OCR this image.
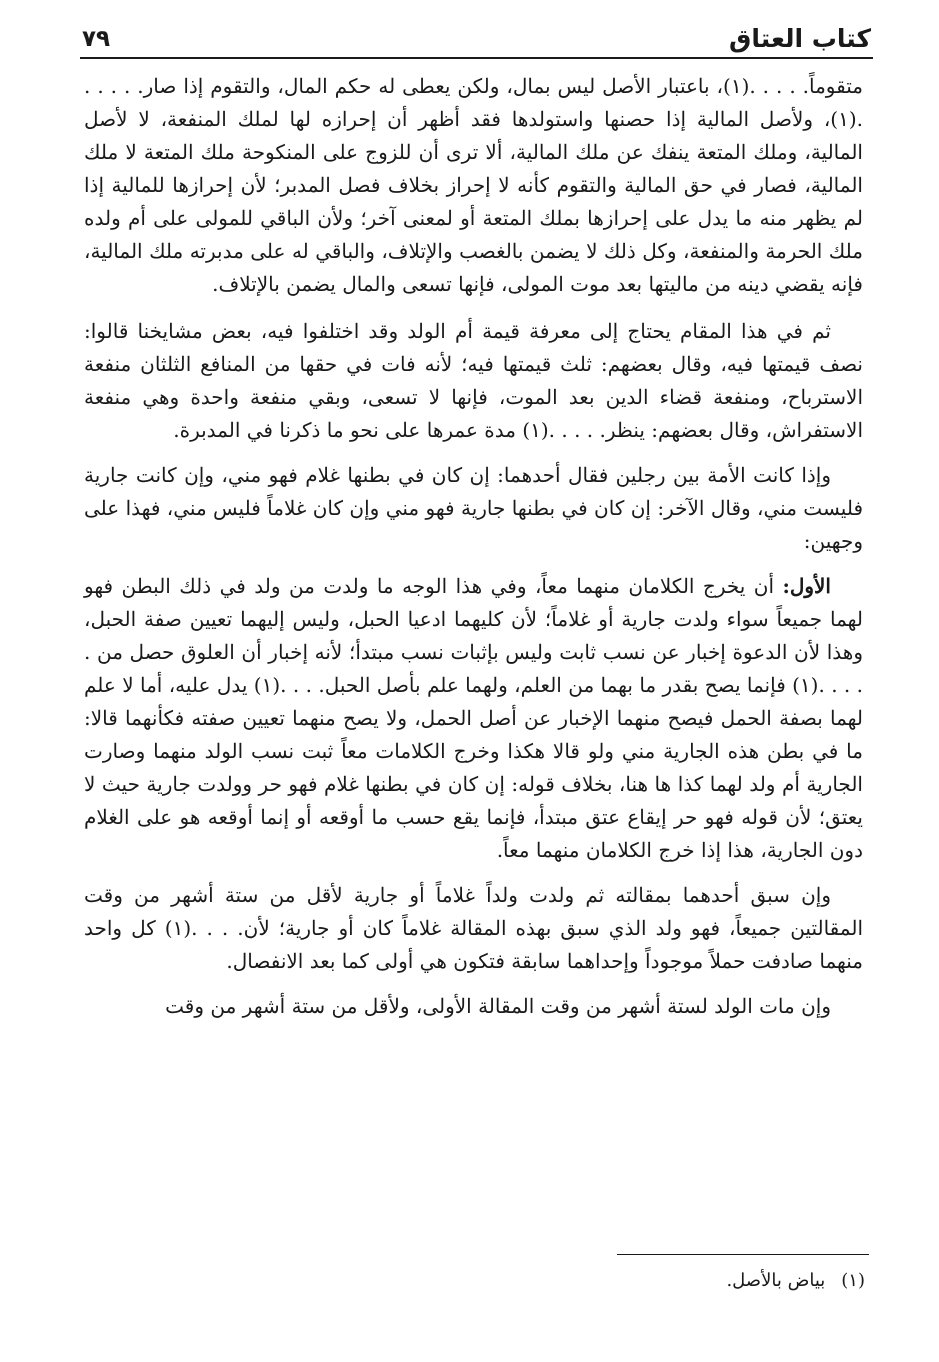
كتاب العتاق
٧٩

متقوماً. . . . .(١)، باعتبار الأصل ليس بمال، ولكن يعطى له حكم المال، والتقوم إذا صار. . . . . .(١)، ولأصل المالية إذا حصنها واستولدها فقد أظهر أن إحرازه لها لملك المنفعة، لا لأصل المالية، وملك المتعة ينفك عن ملك المالية، ألا ترى أن للزوج على المنكوحة ملك المتعة لا ملك المالية، فصار في حق المالية والتقوم كأنه لا إحراز بخلاف فصل المدبر؛ لأن إحرازها للمالية إذا لم يظهر منه ما يدل على إحرازها بملك المتعة أو لمعنى آخر؛ ولأن الباقي للمولى على أم ولده ملك الحرمة والمنفعة، وكل ذلك لا يضمن بالغصب والإتلاف، والباقي له على مدبرته ملك المالية، فإنه يقضي دينه من ماليتها بعد موت المولى، فإنها تسعى والمال يضمن بالإتلاف.

ثم في هذا المقام يحتاج إلى معرفة قيمة أم الولد وقد اختلفوا فيه، بعض مشايخنا قالوا: نصف قيمتها فيه، وقال بعضهم: ثلث قيمتها فيه؛ لأنه فات في حقها من المنافع الثلثان منفعة الاسترباح، ومنفعة قضاء الدين بعد الموت، فإنها لا تسعى، وبقي منفعة واحدة وهي منفعة الاستفراش، وقال بعضهم: ينظر. . . . .(١) مدة عمرها على نحو ما ذكرنا في المدبرة.

وإذا كانت الأمة بين رجلين فقال أحدهما: إن كان في بطنها غلام فهو مني، وإن كانت جارية فليست مني، وقال الآخر: إن كان في بطنها جارية فهو مني وإن كان غلاماً فليس مني، فهذا على وجهين:

الأول: أن يخرج الكلامان منهما معاً، وفي هذا الوجه ما ولدت من ولد في ذلك البطن فهو لهما جميعاً سواء ولدت جارية أو غلاماً؛ لأن كليهما ادعيا الحبل، وليس إليهما تعيين صفة الحبل، وهذا لأن الدعوة إخبار عن نسب ثابت وليس بإثبات نسب مبتدأ؛ لأنه إخبار أن العلوق حصل من . . . . .(١) فإنما يصح بقدر ما بهما من العلم، ولهما علم بأصل الحبل. . . .(١) يدل عليه، أما لا علم لهما بصفة الحمل فيصح منهما الإخبار عن أصل الحمل، ولا يصح منهما تعيين صفته فكأنهما قالا: ما في بطن هذه الجارية مني ولو قالا هكذا وخرج الكلامات معاً ثبت نسب الولد منهما وصارت الجارية أم ولد لهما كذا ها هنا، بخلاف قوله: إن كان في بطنها غلام فهو حر وولدت جارية حيث لا يعتق؛ لأن قوله فهو حر إيقاع عتق مبتدأ، فإنما يقع حسب ما أوقعه أو إنما أوقعه هو على الغلام دون الجارية، هذا إذا خرج الكلامان منهما معاً.

وإن سبق أحدهما بمقالته ثم ولدت ولداً غلاماً أو جارية لأقل من ستة أشهر من وقت المقالتين جميعاً، فهو ولد الذي سبق بهذه المقالة غلاماً كان أو جارية؛ لأن. . . .(١) كل واحد منهما صادفت حملاً موجوداً وإحداهما سابقة فتكون هي أولى كما بعد الانفصال.

وإن مات الولد لستة أشهر من وقت المقالة الأولى، ولأقل من ستة أشهر من وقت

(١)
بياض بالأصل.
